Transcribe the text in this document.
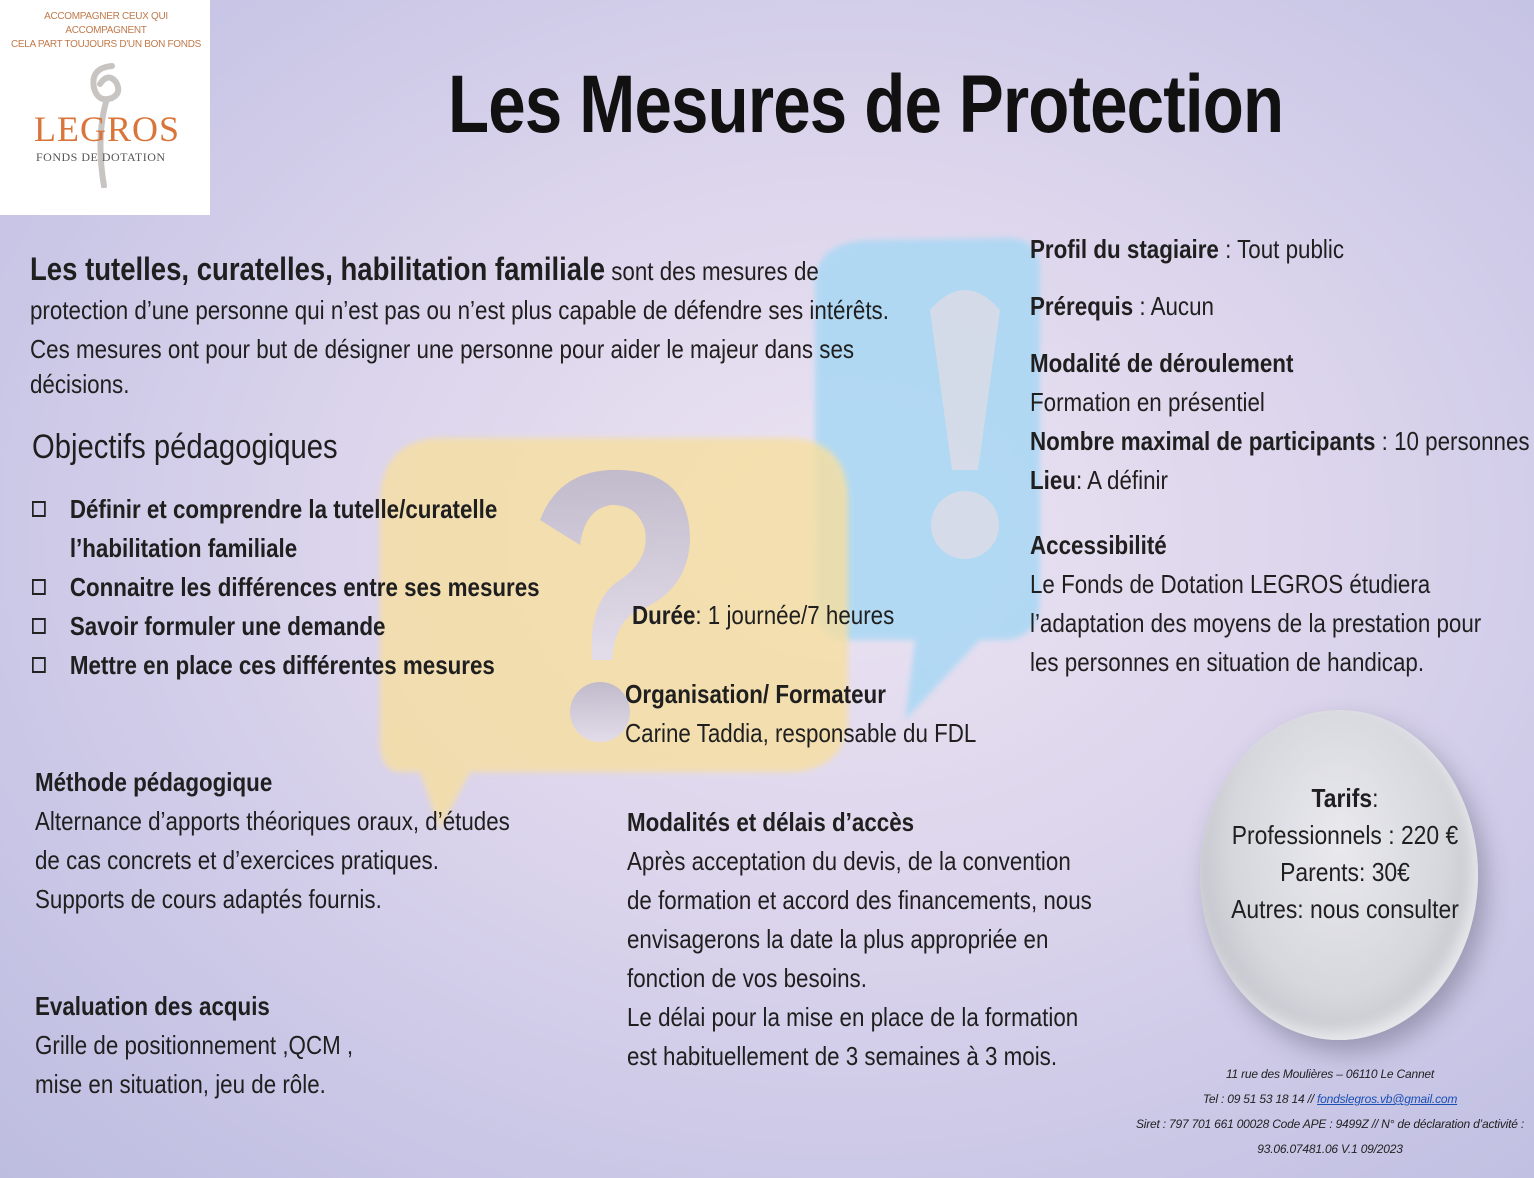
ACCOMPAGNER CEUX QUI ACCOMPAGNENT
CELA PART TOUJOURS D'UN BON FONDS
LEGROS
FONDS DE DOTATION
Les Mesures de Protection
Les tutelles, curatelles, habilitation familiale sont des mesures de
protection d’une personne qui n’est pas ou n’est plus capable de défendre ses intérêts.
Ces mesures ont pour but de désigner une personne pour aider le majeur dans ses
décisions.
Objectifs pédagogiques
Définir et comprendre la tutelle/curatelle
l’habilitation familiale
Connaitre les différences entre ses mesures
Savoir formuler une demande
Mettre en place ces différentes mesures
Durée: 1 journée/7 heures
Organisation/ Formateur
Carine Taddia, responsable du FDL
Modalités et délais d’accès
Après acceptation du devis, de la convention
de formation et accord des financements, nous
envisagerons la date la plus appropriée en
fonction de vos besoins.
Le délai pour la mise en place de la formation
est habituellement de 3 semaines à 3 mois.
Méthode pédagogique
Alternance d’apports théoriques oraux, d’études
de cas concrets et d’exercices pratiques.
Supports de cours adaptés fournis.
Evaluation des acquis
Grille de positionnement ,QCM ,
mise en situation, jeu de rôle.
Profil du stagiaire : Tout public
Prérequis : Aucun
Modalité de déroulement
Formation en présentiel
Nombre maximal de participants : 10 personnes
Lieu: A définir
Accessibilité
Le Fonds de Dotation LEGROS étudiera
l’adaptation des moyens de la prestation pour
les personnes en situation de handicap.
Tarifs:
Professionnels : 220 €
Parents: 30€
Autres: nous consulter
11 rue des Moulières – 06110 Le Cannet
Tel : 09 51 53 18 14 // fondslegros.vb@gmail.com
Siret : 797 701 661 00028 Code APE : 9499Z // N° de déclaration d’activité :
93.06.07481.06 V.1 09/2023
